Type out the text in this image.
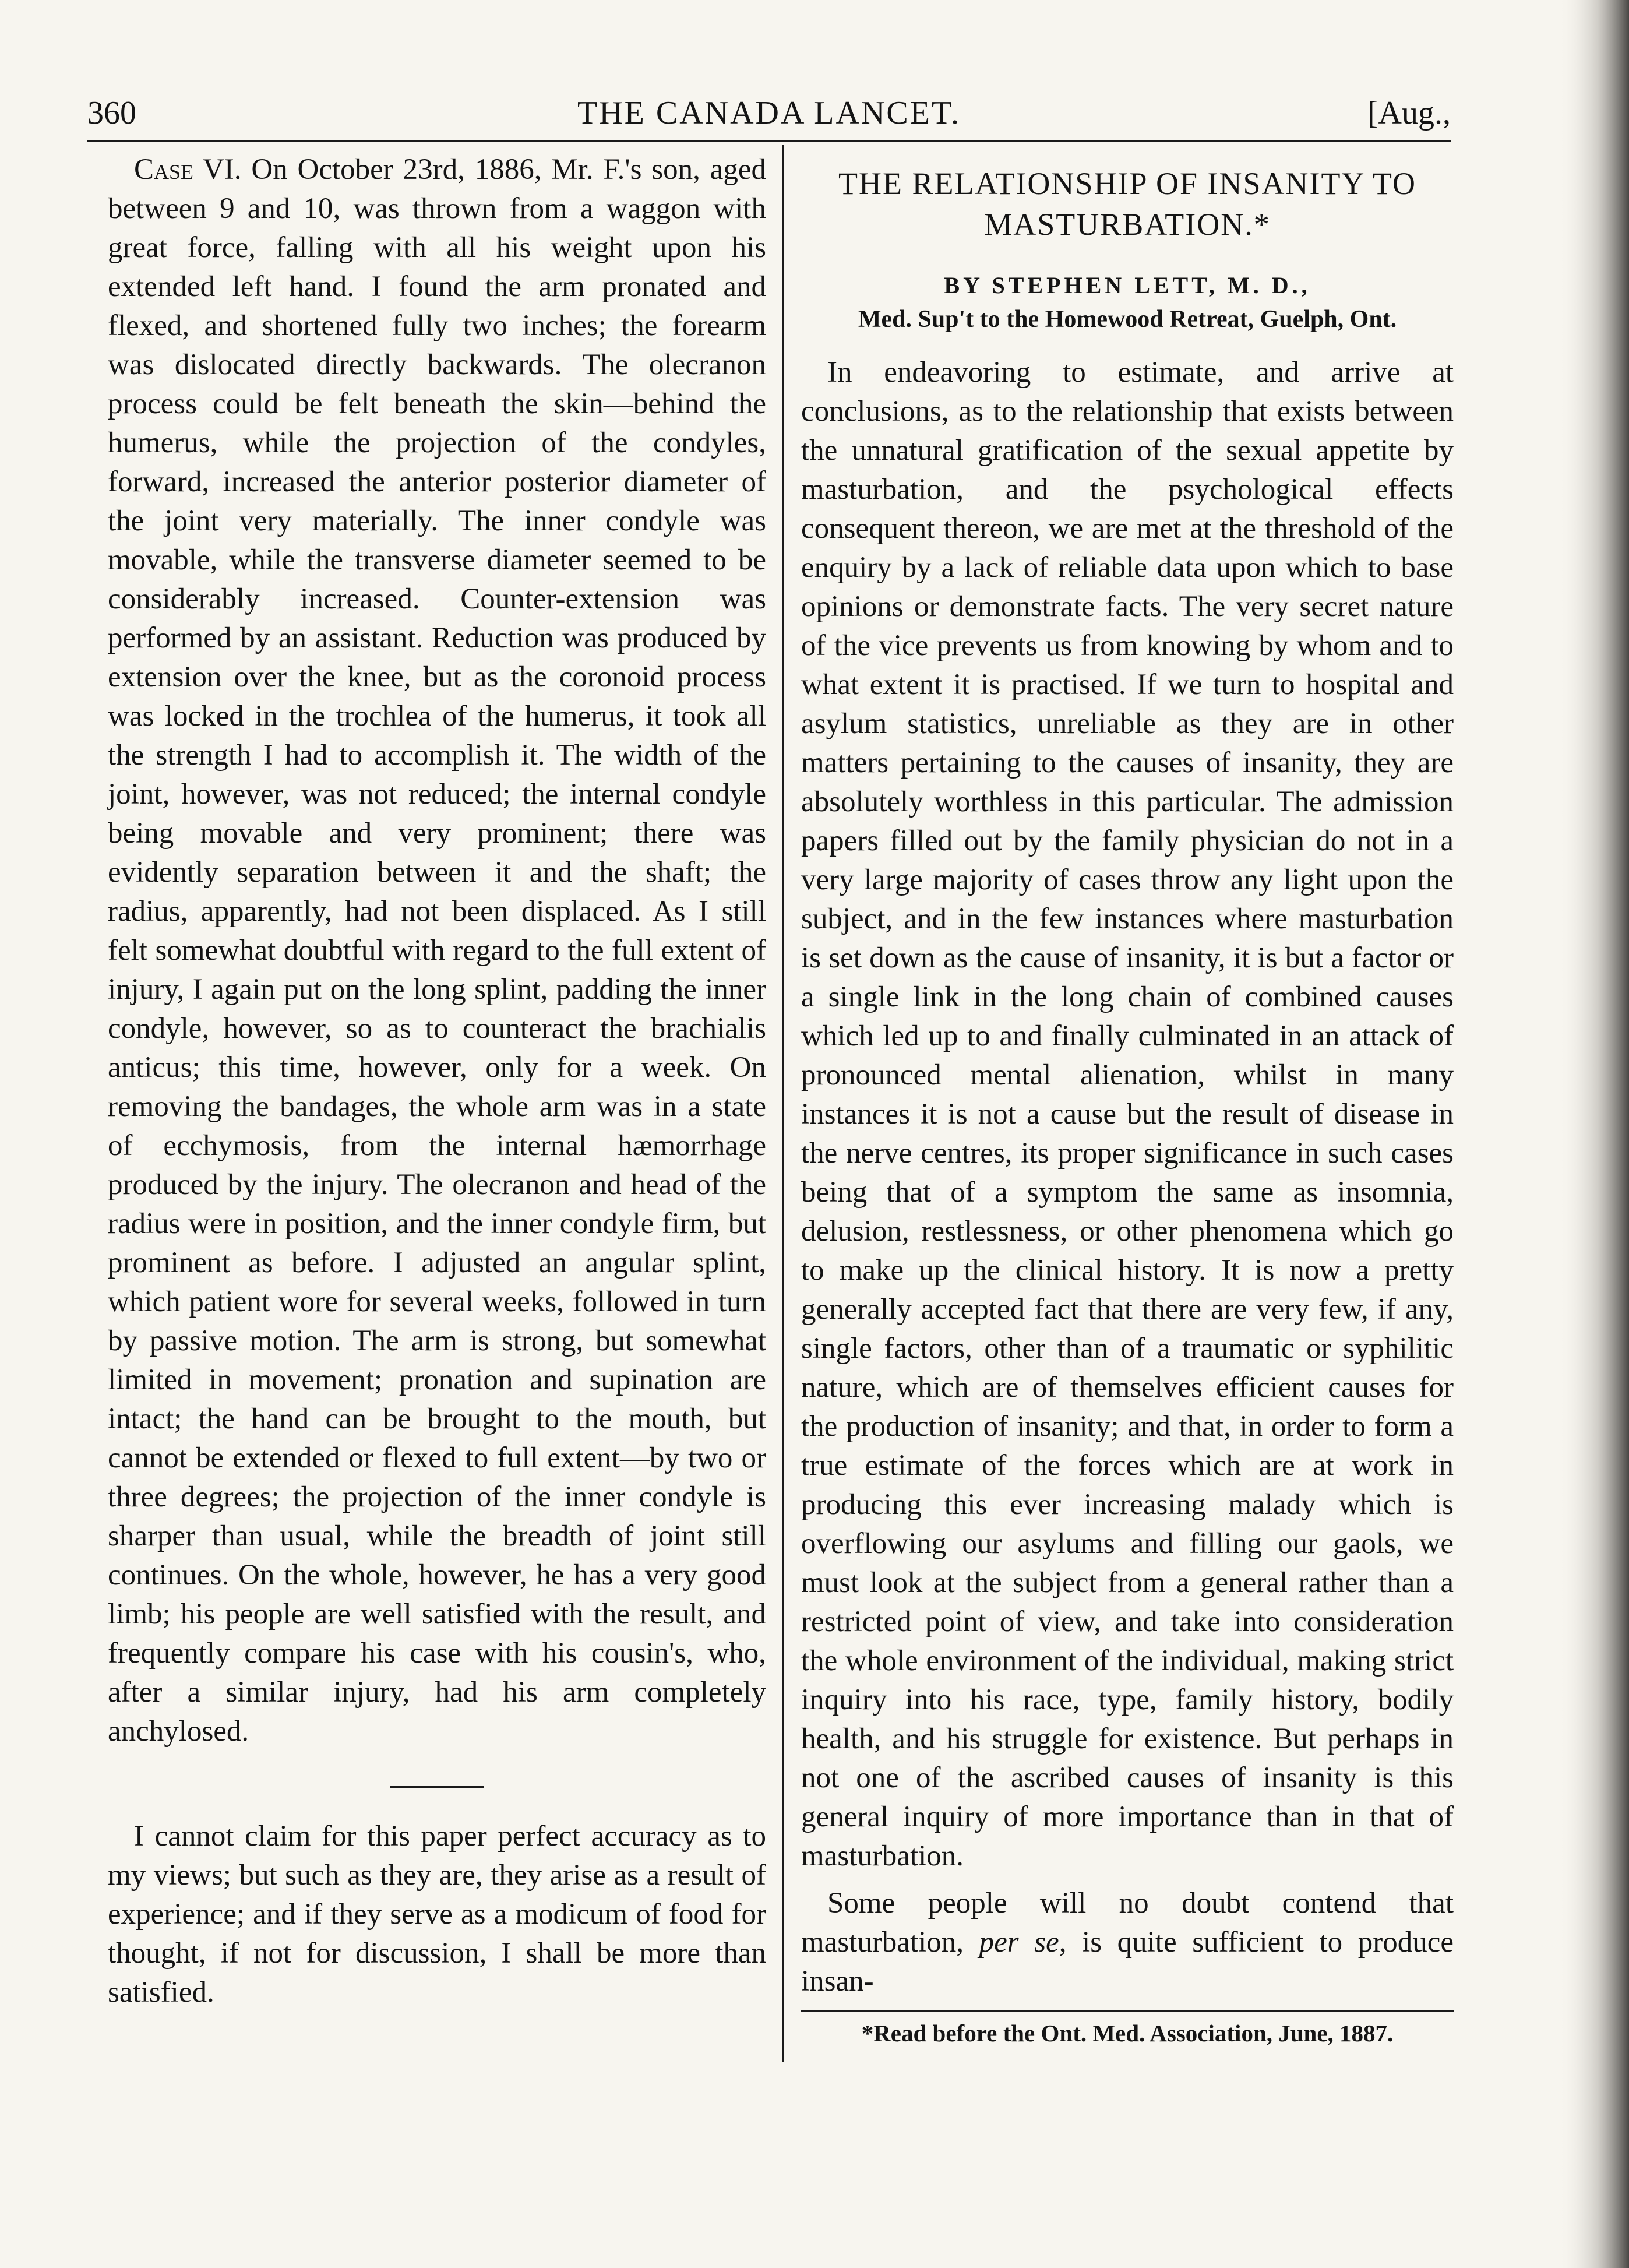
360	THE CANADA LANCET.	[Aug.,

Case VI. On October 23rd, 1886, Mr. F.'s son, aged between 9 and 10, was thrown from a waggon with great force, falling with all his weight upon his extended left hand. I found the arm pronated and flexed, and shortened fully two inches; the forearm was dislocated directly backwards. The olecranon process could be felt beneath the skin—behind the humerus, while the projection of the condyles, forward, increased the anterior posterior diameter of the joint very materially. The inner condyle was movable, while the transverse diameter seemed to be considerably increased. Counter-extension was performed by an assistant. Reduction was produced by extension over the knee, but as the coronoid process was locked in the trochlea of the humerus, it took all the strength I had to accomplish it. The width of the joint, however, was not reduced; the internal condyle being movable and very prominent; there was evidently separation between it and the shaft; the radius, apparently, had not been displaced. As I still felt somewhat doubtful with regard to the full extent of injury, I again put on the long splint, padding the inner condyle, however, so as to counteract the brachialis anticus; this time, however, only for a week. On removing the bandages, the whole arm was in a state of ecchymosis, from the internal hæmorrhage produced by the injury. The olecranon and head of the radius were in position, and the inner condyle firm, but prominent as before. I adjusted an angular splint, which patient wore for several weeks, followed in turn by passive motion. The arm is strong, but somewhat limited in movement; pronation and supination are intact; the hand can be brought to the mouth, but cannot be extended or flexed to full extent—by two or three degrees; the projection of the inner condyle is sharper than usual, while the breadth of joint still continues. On the whole, however, he has a very good limb; his people are well satisfied with the result, and frequently compare his case with his cousin's, who, after a similar injury, had his arm completely anchylosed.

I cannot claim for this paper perfect accuracy as to my views; but such as they are, they arise as a result of experience; and if they serve as a modicum of food for thought, if not for discussion, I shall be more than satisfied.

THE RELATIONSHIP OF INSANITY TO MASTURBATION.*
BY STEPHEN LETT, M. D.,
Med. Sup't to the Homewood Retreat, Guelph, Ont.

In endeavoring to estimate, and arrive at conclusions, as to the relationship that exists between the unnatural gratification of the sexual appetite by masturbation, and the psychological effects consequent thereon, we are met at the threshold of the enquiry by a lack of reliable data upon which to base opinions or demonstrate facts. The very secret nature of the vice prevents us from knowing by whom and to what extent it is practised. If we turn to hospital and asylum statistics, unreliable as they are in other matters pertaining to the causes of insanity, they are absolutely worthless in this particular. The admission papers filled out by the family physician do not in a very large majority of cases throw any light upon the subject, and in the few instances where masturbation is set down as the cause of insanity, it is but a factor or a single link in the long chain of combined causes which led up to and finally culminated in an attack of pronounced mental alienation, whilst in many instances it is not a cause but the result of disease in the nerve centres, its proper significance in such cases being that of a symptom the same as insomnia, delusion, restlessness, or other phenomena which go to make up the clinical history. It is now a pretty generally accepted fact that there are very few, if any, single factors, other than of a traumatic or syphilitic nature, which are of themselves efficient causes for the production of insanity; and that, in order to form a true estimate of the forces which are at work in producing this ever increasing malady which is overflowing our asylums and filling our gaols, we must look at the subject from a general rather than a restricted point of view, and take into consideration the whole environment of the individual, making strict inquiry into his race, type, family history, bodily health, and his struggle for existence. But perhaps in not one of the ascribed causes of insanity is this general inquiry of more importance than in that of masturbation.

Some people will no doubt contend that masturbation, per se, is quite sufficient to produce insan-

*Read before the Ont. Med. Association, June, 1887.
